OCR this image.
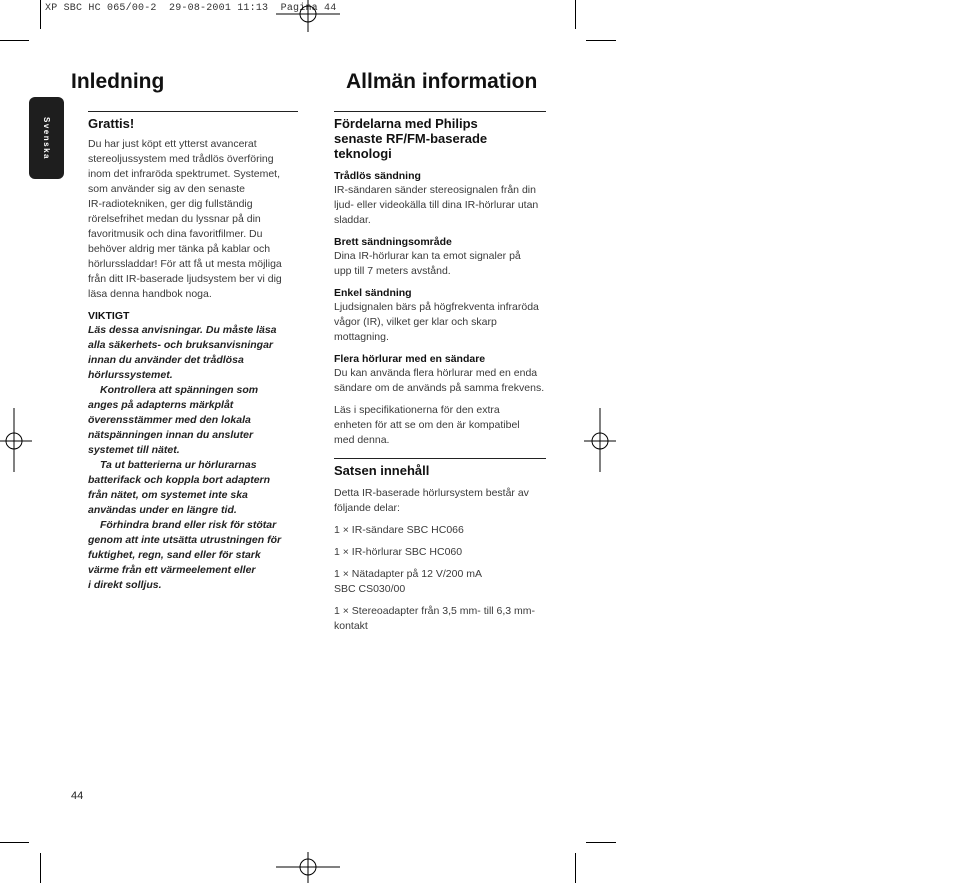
XP SBC HC 065/00-2  29-08-2001 11:13  Pagina 44
Inledning	Allmän information
Svenska	Grattis!

Du har just köpt ett ytterst avancerat

stereoljussystem med trådlös överföring

inom det infraröda spektrumet. Systemet,

som använder sig av den senaste

IR-radiotekniken, ger dig fullständig

rörelsefrihet medan du lyssnar på din

favoritmusik och dina favoritfilmer. Du

behöver aldrig mer tänka på kablar och

hörlurssladdar! För att få ut mesta möjliga

från ditt IR-baserade ljudsystem ber vi dig

läsa denna handbok noga.

VIKTIGT

Läs dessa anvisningar. Du måste läsa

alla säkerhets- och bruksanvisningar

innan du använder det trådlösa

hörlurssystemet.

Kontrollera att spänningen som

anges på adapterns märkplåt

överensstämmer med den lokala

nätspänningen innan du ansluter

systemet till nätet.

Ta ut batterierna ur hörlurarnas

batterifack och koppla bort adaptern

från nätet, om systemet inte ska

användas under en längre tid.

Förhindra brand eller risk för stötar

genom att inte utsätta utrustningen för

fuktighet, regn, sand eller för stark

värme från ett värmeelement eller

i direkt solljus.

Fördelarna med Philips
senaste RF/FM-baserade
teknologi
Trådlös sändning

IR-sändaren sänder stereosignalen från din

ljud- eller videokälla till dina IR-hörlurar utan

sladdar.

Brett sändningsområde

Dina IR-hörlurar kan ta emot signaler på

upp till 7 meters avstånd.

Enkel sändning

Ljudsignalen bärs på högfrekventa infraröda

vågor (IR), vilket ger klar och skarp

mottagning.

Flera hörlurar med en sändare

Du kan använda flera hörlurar med en enda

sändare om de används på samma frekvens.

Läs i specifikationerna för den extra

enheten för att se om den är kompatibel

med denna.

Satsen innehåll

Detta IR-baserade hörlursystem består av

följande delar:

1 × IR-sändare SBC HC066

1 × IR-hörlurar SBC HC060

1 × Nätadapter på 12 V/200 mA

SBC CS030/00

1 × Stereoadapter från 3,5 mm- till 6,3 mm-

kontakt

44
